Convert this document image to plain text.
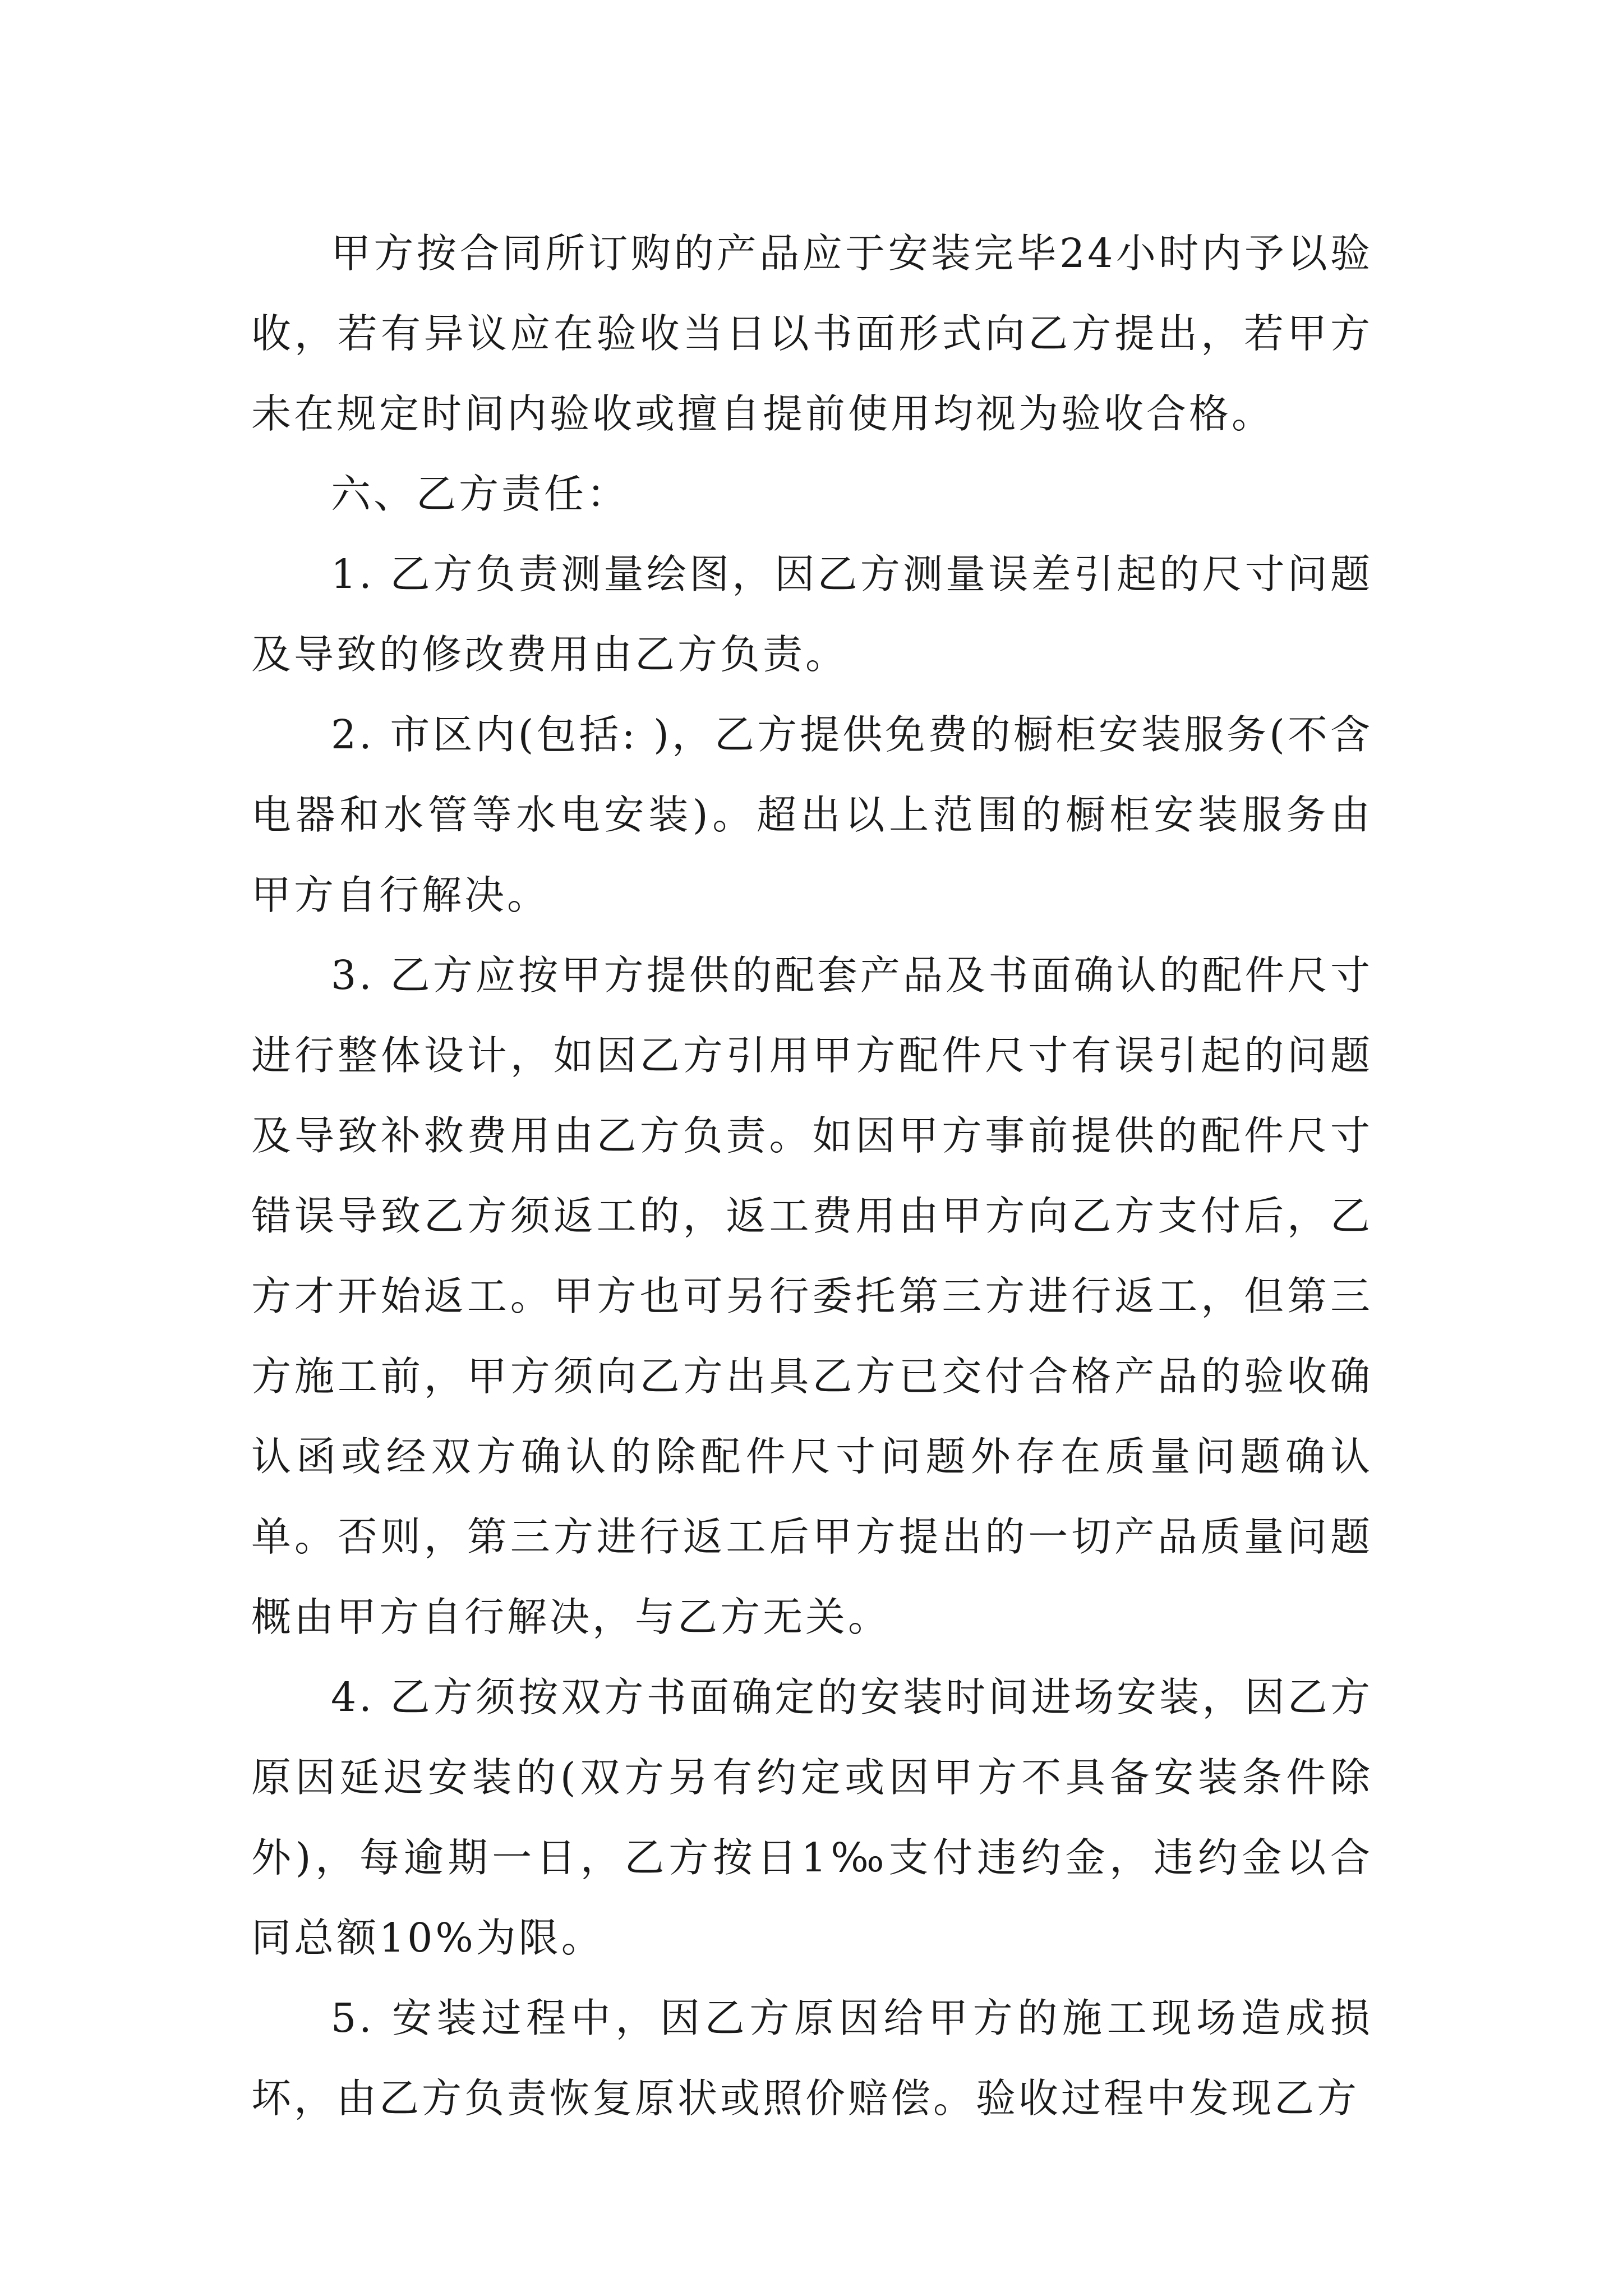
甲方按合同所订购的产品应于安装完毕24小时内予以验收，若有异议应在验收当日以书面形式向乙方提出，若甲方未在规定时间内验收或擅自提前使用均视为验收合格。

六、乙方责任：

1. 乙方负责测量绘图，因乙方测量误差引起的尺寸问题及导致的修改费用由乙方负责。

2. 市区内(包括: )，乙方提供免费的橱柜安装服务(不含电器和水管等水电安装)。超出以上范围的橱柜安装服务由甲方自行解决。

3. 乙方应按甲方提供的配套产品及书面确认的配件尺寸进行整体设计，如因乙方引用甲方配件尺寸有误引起的问题及导致补救费用由乙方负责。如因甲方事前提供的配件尺寸错误导致乙方须返工的，返工费用由甲方向乙方支付后，乙方才开始返工。甲方也可另行委托第三方进行返工，但第三方施工前，甲方须向乙方出具乙方已交付合格产品的验收确认函或经双方确认的除配件尺寸问题外存在质量问题确认单。否则，第三方进行返工后甲方提出的一切产品质量问题概由甲方自行解决，与乙方无关。

4. 乙方须按双方书面确定的安装时间进场安装，因乙方原因延迟安装的(双方另有约定或因甲方不具备安装条件除外)，每逾期一日，乙方按日1‰支付违约金，违约金以合同总额10%为限。

5. 安装过程中，因乙方原因给甲方的施工现场造成损坏，由乙方负责恢复原状或照价赔偿。验收过程中发现乙方
